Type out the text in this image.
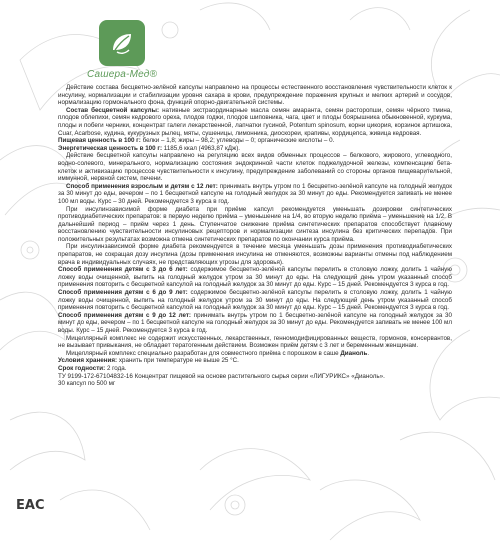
Сашера-Мед®

Действие состава бесцветно-зелёной капсулы направлено на процессы естественного восстановления чувствительности клеток к инсулину, нормализации и стабилизации уровня сахара в крови, предупреждение поражения крупных и мелких артерий и сосудов, нормализацию гормонального фона, функций опорно-двигательной системы.

Состав бесцветной капсулы: нативные экстраординарные масла семян амаранта, семян расторопши, семян чёрного тмина, плодов облепихи, семян кедрового ореха, плодов годжи, плодов шиповника, чага, цвет и плоды боярышника обыкновенной, куркума, плоды и побеги черники, концентрат галеги лекарственной, лапчатки гусиной, Potentum spinosum, корни цикория, корзинок артишока, Сuar, Acarbose, кудина, кукурузных рылец, мяты, сушеницы, лимонника, диоскореи, крапивы, кордицепса, живица кедровая.

Пищевая ценность в 100 г: белки – 1,8; жиры – 98,2; углеводы – 0; органические кислоты – 0.

Энергетическая ценность в 100 г: 1185,6 ккал (4963,87 кДж).

Действие бесцветной капсулы направлено на регуляцию всех видов обменных процессов – белкового, жирового, углеводного, водно-солевого, минерального, нормализацию состояния эндокринной части клеток поджелудочной железы, компенсацию бета-клеток и активизацию процессов чувствительности к инсулину, предупреждение заболеваний со стороны органов пищеварительной, иммунной, нервной систем, печени.

Способ применения взрослым и детям с 12 лет: принимать внутрь утром по 1 бесцветно-зелёной капсуле на голодный желудок за 30 минут до еды, вечером – по 1 бесцветной капсуле на голодный желудок за 30 минут до еды. Рекомендуется запивать не менее 100 мл воды. Курс – 30 дней. Рекомендуется 3 курса в год.

При инсулинзависимой форме диабета при приёме капсул рекомендуется уменьшать дозировки синтетических противодиабетических препаратов: в первую неделю приёма – уменьшение на 1/4, во вторую неделю приёма – уменьшение на 1/2. В дальнейший период – приём через 1 день. Ступенчатое снижение приёма синтетических препаратов способствует плавному восстановлению чувствительности инсулиновых рецепторов и нормализации синтеза инсулина без критических перепадов. При положительных результатах возможна отмена синтетических препаратов по окончании курса приёма.

При инсулинзависимой форме диабета рекомендуется в течение месяца уменьшать дозы применения противодиабетических препаратов, не сокращая дозу инсулина (дозы применения инсулина не отменяются, возможны варианты отмены под наблюдением врача в индивидуальных случаях, не представляющих угрозы для здоровья).

Способ применения детям с 3 до 6 лет: содержимое бесцветно-зелёной капсулы перелить в столовую ложку, долить 1 чайную ложку воды очищенной, выпить на голодный желудок утром за 30 минут до еды. На следующий день утром указанный способ применения повторить с бесцветной капсулой на голодный желудок за 30 минут до еды. Курс – 15 дней. Рекомендуется 3 курса в год.

Способ применения детям с 6 до 9 лет: содержимое бесцветно-зелёной капсулы перелить в столовую ложку, долить 1 чайную ложку воды очищенной, выпить на голодный желудок утром за 30 минут до еды. На следующий день утром указанный способ применения повторить с бесцветной капсулой на голодный желудок за 30 минут до еды. Курс – 15 дней. Рекомендуется 3 курса в год.

Способ применения детям с 9 до 12 лет: принимать внутрь утром по 1 бесцветно-зелёной капсуле на голодный желудок за 30 минут до еды, вечером – по 1 бесцветной капсуле на голодный желудок за 30 минут до еды. Рекомендуется запивать не менее 100 мл воды. Курс – 15 дней. Рекомендуется 3 курса в год.

Мицеллярный комплекс не содержит искусственных, лекарственных, генномодифицированных веществ, гормонов, консервантов, не вызывает привыкания, не обладает тератогенным действием. Возможен приём детям с 3 лет и беременным женщинам.

Мицеллярный комплекс специально разработан для совместного приёма с порошком в саше Дианоль.

Условия хранения: хранить при температуре не выше 25 °С.

Срок годности: 2 года.

ТУ 9199-172-67104832-16 Концентрат пищевой на основе растительного сырья серии «ЛИГУРИКС» «Дианоль».

30 капсул по 500 мг

EAC
